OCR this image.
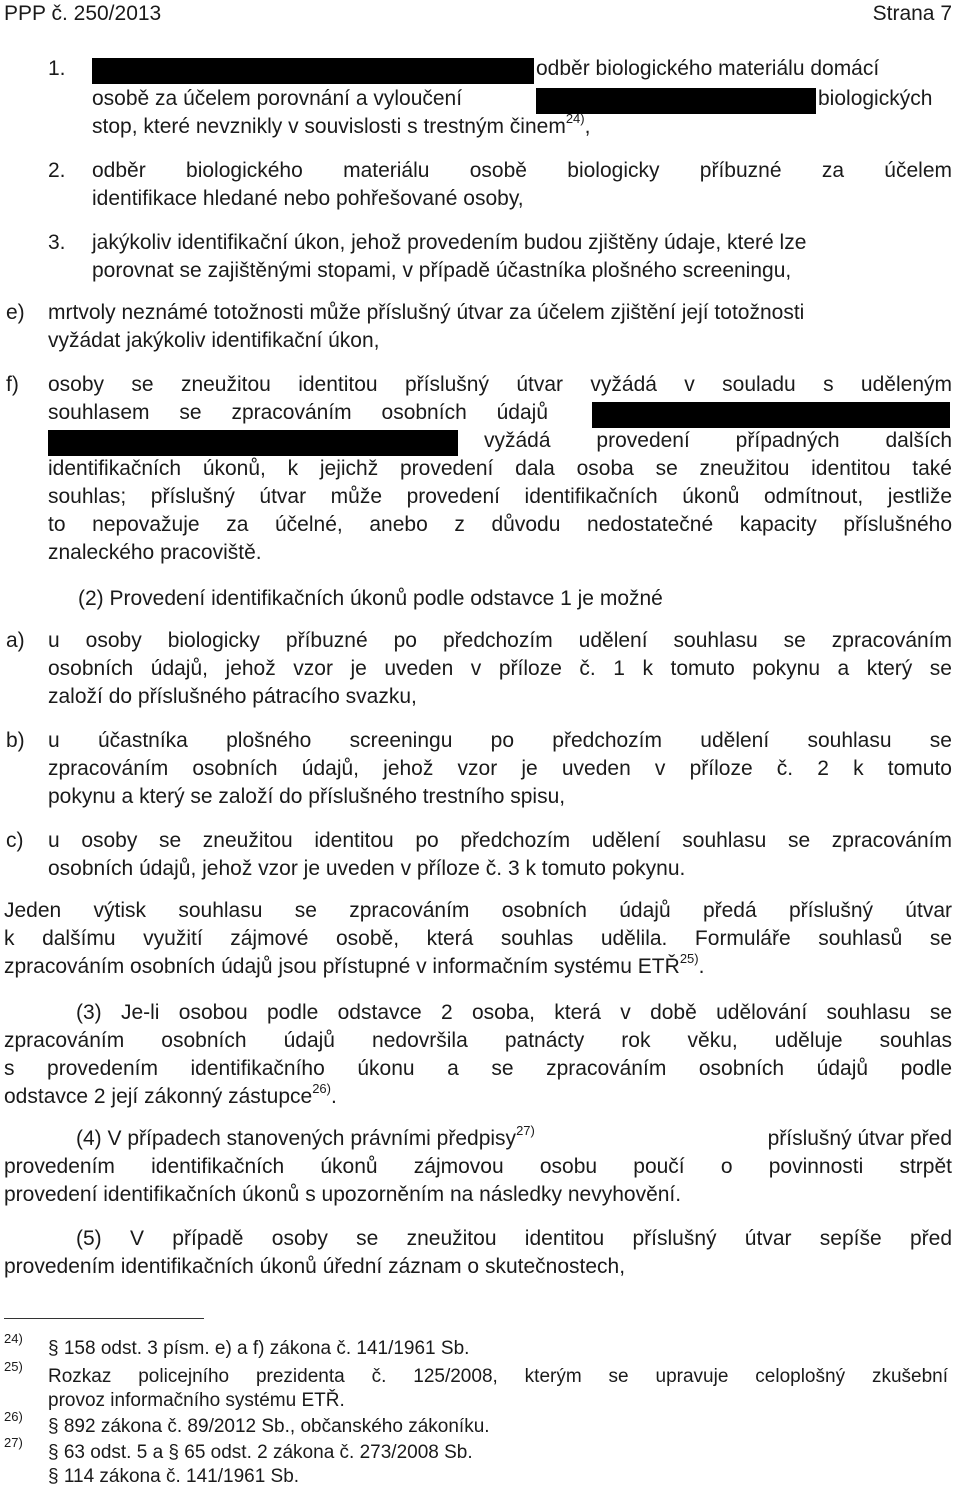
PPP č. 250/2013	Strana 7
1.	odběr biologického materiálu domácí
osobě za účelem porovnání a vyloučení	biologických
stop, které nevznikly v souvislosti s trestným činem$^{24)}$,
2. odběr biologického materiálu osobě biologicky příbuzné za účelem
identifikace hledané nebo pohřešované osoby,
3. jakýkoliv identifikační úkon, jehož provedením budou zjištěny údaje, které lze
porovnat se zajištěnými stopami, v případě účastníka plošného screeningu,
e) mrtvoly neznámé totožnosti může příslušný útvar za účelem zjištění její totožnosti
vyžádat jakýkoliv identifikační úkon,
f) osoby se zneužitou identitou příslušný útvar vyžádá v souladu s uděleným
souhlasem se zpracováním osobních údajů
vyžádá provedení případných dalších
identifikačních úkonů, k jejichž provedení dala osoba se zneužitou identitou také
souhlas; příslušný útvar může provedení identifikačních úkonů odmítnout, jestliže
to nepovažuje za účelné, anebo z důvodu nedostatečné kapacity příslušného
znaleckého pracoviště.
(2) Provedení identifikačních úkonů podle odstavce 1 je možné
a) u osoby biologicky příbuzné po předchozím udělení souhlasu se zpracováním
osobních údajů, jehož vzor je uveden v příloze č. 1 k tomuto pokynu a který se
založí do příslušného pátracího svazku,
b) u účastníka plošného screeningu po předchozím udělení souhlasu se
zpracováním osobních údajů, jehož vzor je uveden v příloze č. 2 k tomuto
pokynu a který se založí do příslušného trestního spisu,
c) u osoby se zneužitou identitou po předchozím udělení souhlasu se zpracováním
osobních údajů, jehož vzor je uveden v příloze č. 3 k tomuto pokynu.
Jeden výtisk souhlasu se zpracováním osobních údajů předá příslušný útvar
k dalšímu využití zájmové osobě, která souhlas udělila. Formuláře souhlasů se
zpracováním osobních údajů jsou přístupné v informačním systému ETŘ$^{25)}$.
(3) Je-li osobou podle odstavce 2 osoba, která v době udělování souhlasu se
zpracováním osobních údajů nedovršila patnácty rok věku, uděluje souhlas
s provedením identifikačního úkonu a se zpracováním osobních údajů podle
odstavce 2 její zákonný zástupce$^{26)}$.
(4) V případech stanovených právními předpisy$^{27)}$	příslušný útvar před
provedením identifikačních úkonů zájmovou osobu poučí o povinnosti strpět
provedení identifikačních úkonů s upozorněním na následky nevyhovění.
(5) V případě osoby se zneužitou identitou příslušný útvar sepíše před
provedením identifikačních úkonů úřední záznam o skutečnostech,
24) § 158 odst. 3 písm. e) a f) zákona č. 141/1961 Sb.
25) Rozkaz policejního prezidenta č. 125/2008, kterým se upravuje celoplošný zkušební
provoz informačního systému ETŘ.
26) § 892 zákona č. 89/2012 Sb., občanského zákoníku.
27) § 63 odst. 5 a § 65 odst. 2 zákona č. 273/2008 Sb.
§ 114 zákona č. 141/1961 Sb.
